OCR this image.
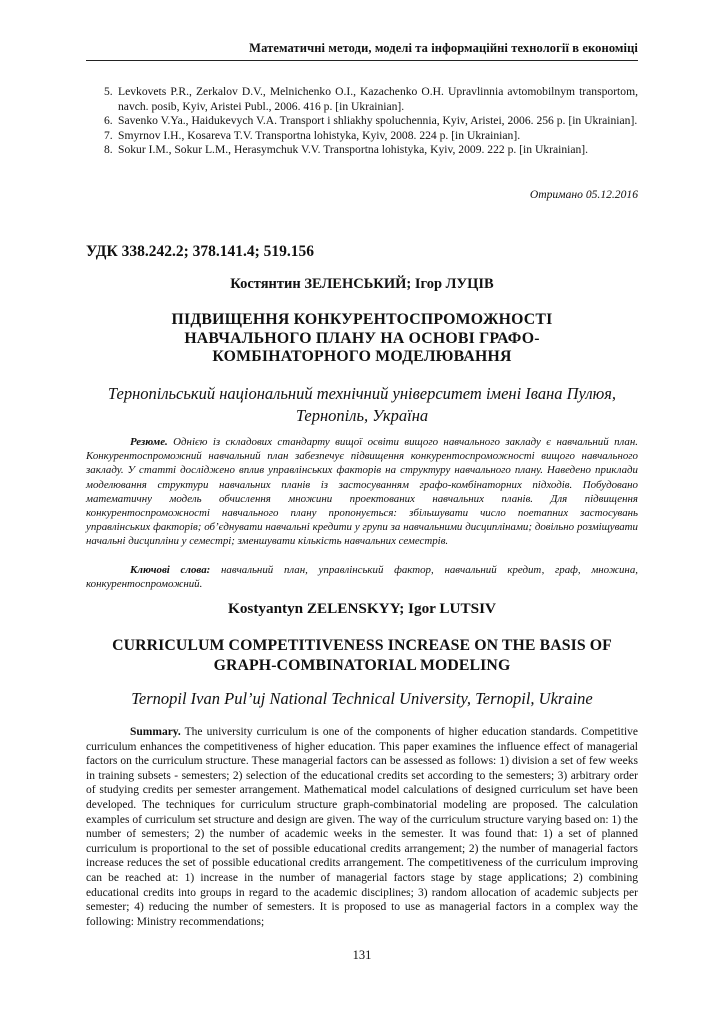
Математичні методи, моделі та інформаційні технології в економіці
5. Levkovets P.R., Zerkalov D.V., Melnichenko O.I., Kazachenko O.H. Upravlinnia avtomobilnym transportom, navch. posib, Kyiv, Aristei Publ., 2006. 416 p. [in Ukrainian].
6. Savenko V.Ya., Haidukevych V.A. Transport i shliakhy spoluchennia, Kyiv, Aristei, 2006. 256 p. [in Ukrainian].
7. Smyrnov I.H., Kosareva T.V. Transportna lohistyka, Kyiv, 2008. 224 p. [in Ukrainian].
8. Sokur I.M., Sokur L.M., Herasymchuk V.V. Transportna lohistyka, Kyiv, 2009. 222 p. [in Ukrainian].
Отримано 05.12.2016
УДК 338.242.2; 378.141.4; 519.156
Костянтин ЗЕЛЕНСЬКИЙ; Ігор ЛУЦІВ
ПІДВИЩЕННЯ КОНКУРЕНТОСПРОМОЖНОСТІ НАВЧАЛЬНОГО ПЛАНУ НА ОСНОВІ ГРАФО-КОМБІНАТОРНОГО МОДЕЛЮВАННЯ
Тернопільський національний технічний університет імені Івана Пулюя, Тернопіль, Україна
Резюме. Однією із складових стандарту вищої освіти вищого навчального закладу є навчальний план. Конкурентоспроможний навчальний план забезпечує підвищення конкурентоспроможності вищого навчального закладу. У статті досліджено вплив управлінських факторів на структуру навчального плану. Наведено приклади моделювання структури навчальних планів із застосуванням графо-комбінаторних підходів. Побудовано математичну модель обчислення множини проектованих навчальних планів. Для підвищення конкурентоспроможності навчального плану пропонується: збільшувати число поетапних застосувань управлінських факторів; об’єднувати навчальні кредити у групи за навчальними дисциплінами; довільно розміщувати начальні дисципліни у семестрі; зменшувати кількість навчальних семестрів.
Ключові слова: навчальний план, управлінський фактор, навчальний кредит, граф, множина, конкурентоспроможний.
Kostyantyn ZELENSKYY; Igor LUTSIV
CURRICULUM COMPETITIVENESS INCREASE ON THE BASIS OF GRAPH-COMBINATORIAL MODELING
Ternopil Ivan Pul’uj National Technical University, Ternopil, Ukraine
Summary. The university curriculum is one of the components of higher education standards. Competitive curriculum enhances the competitiveness of higher education. This paper examines the influence effect of managerial factors on the curriculum structure. These managerial factors can be assessed as follows: 1) division a set of few weeks in training subsets - semesters; 2) selection of the educational credits set according to the semesters; 3) arbitrary order of studying credits per semester arrangement. Mathematical model calculations of designed curriculum set have been developed. The techniques for curriculum structure graph-combinatorial modeling are proposed. The calculation examples of curriculum set structure and design are given. The way of the curriculum structure varying based on: 1) the number of semesters; 2) the number of academic weeks in the semester. It was found that: 1) a set of planned curriculum is proportional to the set of possible educational credits arrangement; 2) the number of managerial factors increase reduces the set of possible educational credits arrangement. The competitiveness of the curriculum improving can be reached at: 1) increase in the number of managerial factors stage by stage applications; 2) combining educational credits into groups in regard to the academic disciplines; 3) random allocation of academic subjects per semester; 4) reducing the number of semesters. It is proposed to use as managerial factors in a complex way the following: Ministry recommendations;
131
